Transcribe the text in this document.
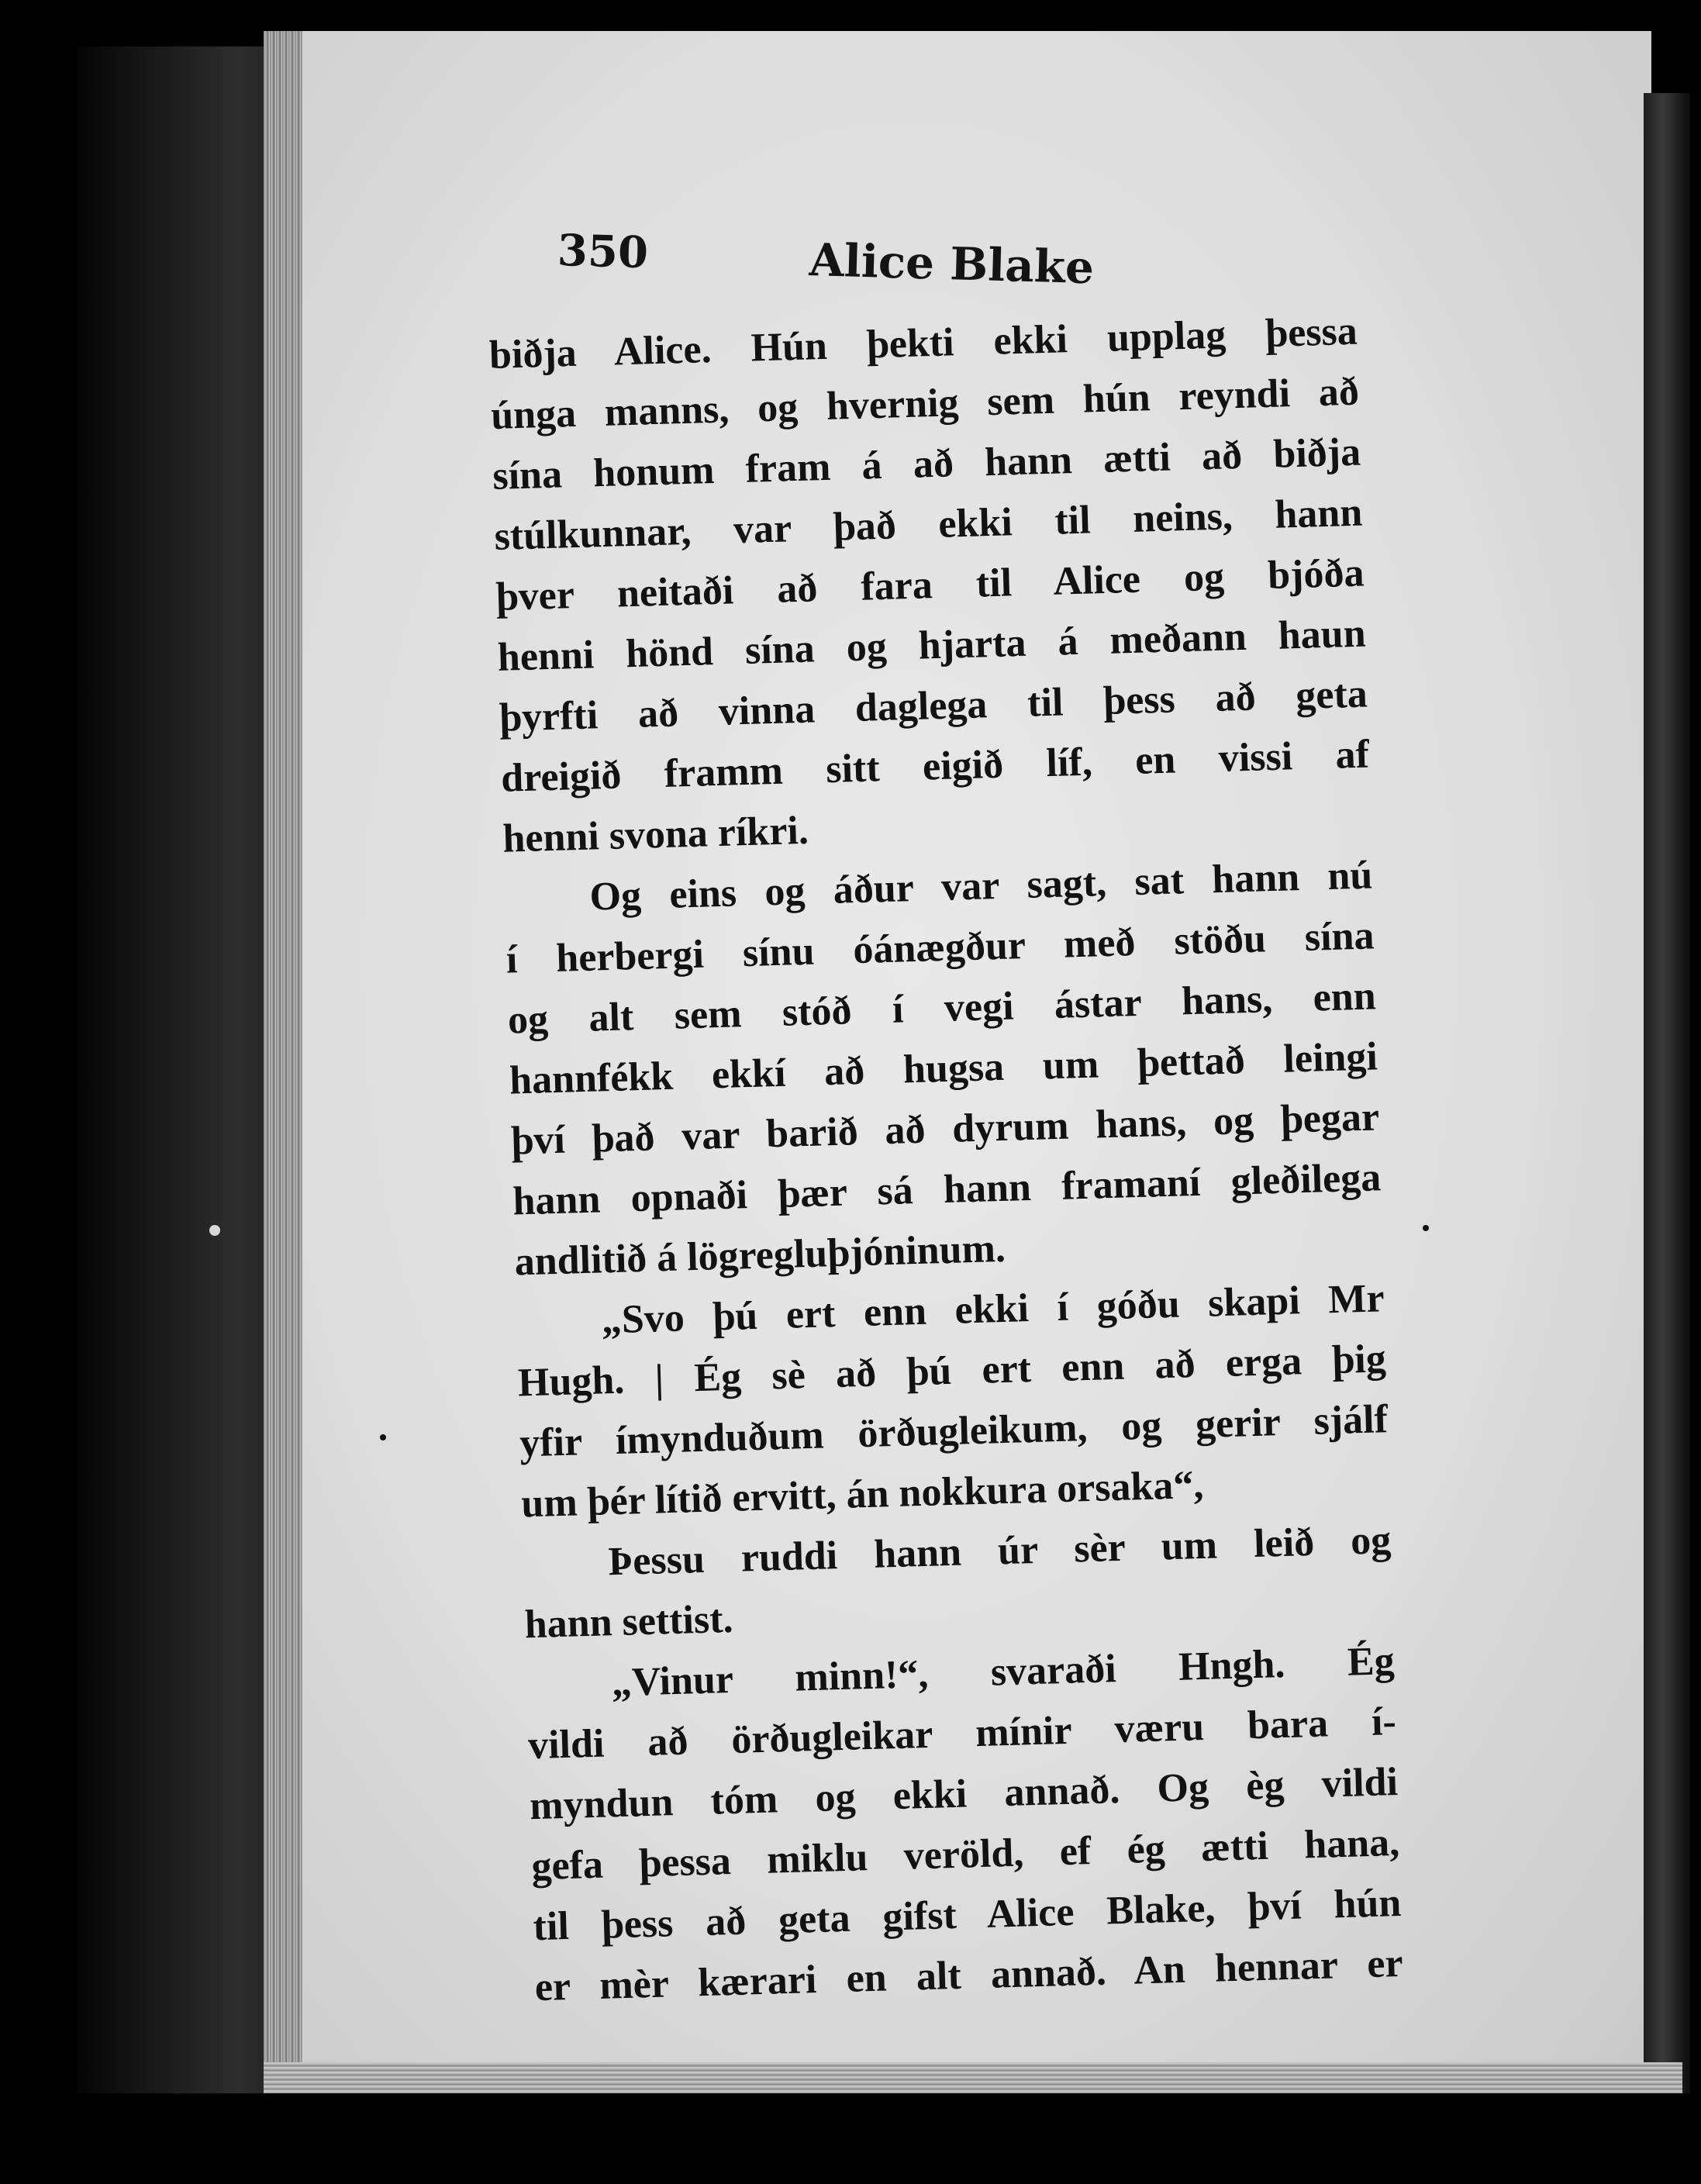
350	Alice Blake
biðja Alice. Hún þekti ekki upplag þessa
únga manns, og hvernig sem hún reyndi að
sína honum fram á að hann ætti að biðja
stúlkunnar, var það ekki til neins, hann
þver neitaði að fara til Alice og bjóða
henni hönd sína og hjarta á meðann haun
þyrfti að vinna daglega til þess að geta
dreigið framm sitt eigið líf, en vissi af
henni svona ríkri.
Og eins og áður var sagt, sat hann nú
í herbergi sínu óánægður með stöðu sína
og alt sem stóð í vegi ástar hans, enn
hannfékk ekkí að hugsa um þettað leingi
því það var barið að dyrum hans, og þegar
hann opnaði þær sá hann framaní gleðilega
andlitið á lögregluþjóninum.
„Svo þú ert enn ekki í góðu skapi Mr
Hugh. | Ég sè að þú ert enn að erga þig
yfir ímynduðum örðugleikum, og gerir sjálf
um þér lítið ervitt, án nokkura orsaka“,
Þessu ruddi hann úr sèr um leið og
hann settist.
„Vinur minn!“, svaraði Hngh. Ég
vildi að örðugleikar mínir væru bara í-
myndun tóm og ekki annað. Og èg vildi
gefa þessa miklu veröld, ef ég ætti hana,
til þess að geta gifst Alice Blake, því hún
er mèr kærari en alt annað. An hennar er
